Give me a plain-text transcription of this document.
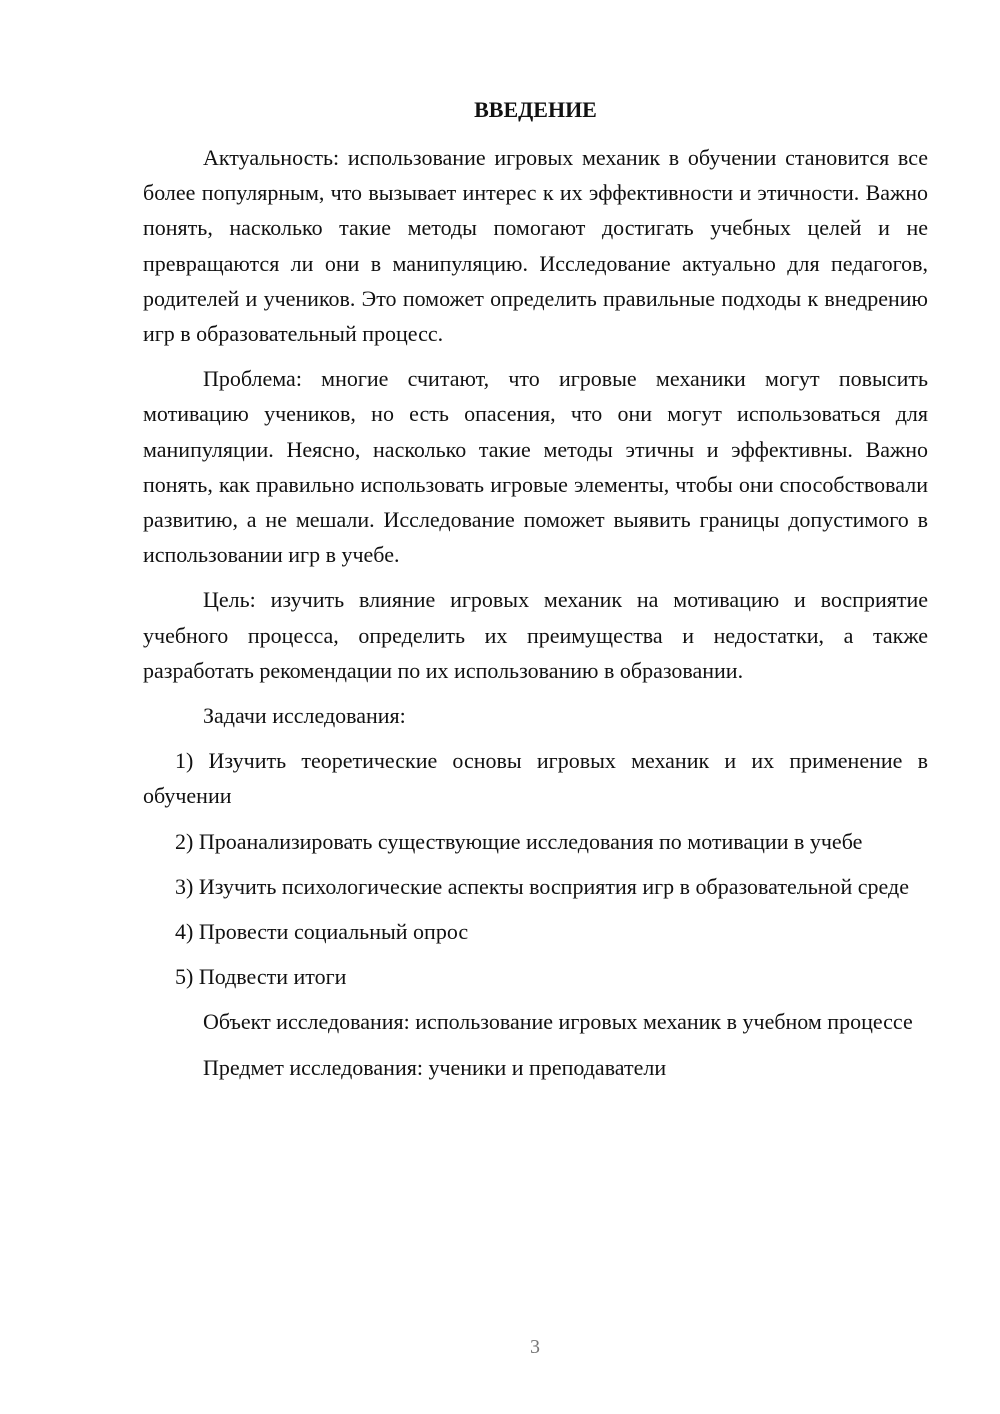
ВВЕДЕНИЕ

Актуальность: использование игровых механик в обучении становится все более популярным, что вызывает интерес к их эффективности и этичности. Важно понять, насколько такие методы помогают достигать учебных целей и не превращаются ли они в манипуляцию. Исследование актуально для педагогов, родителей и учеников. Это поможет определить правильные подходы к внедрению игр в образовательный процесс.

Проблема: многие считают, что игровые механики могут повысить мотивацию учеников, но есть опасения, что они могут использоваться для манипуляции. Неясно, насколько такие методы этичны и эффективны. Важно понять, как правильно использовать игровые элементы, чтобы они способствовали развитию, а не мешали. Исследование поможет выявить границы допустимого в использовании игр в учебе.

Цель: изучить влияние игровых механик на мотивацию и восприятие учебного процесса, определить их преимущества и недостатки, а также разработать рекомендации по их использованию в образовании.

Задачи исследования:

1) Изучить теоретические основы игровых механик и их применение в обучении

2) Проанализировать существующие исследования по мотивации в учебе

3) Изучить психологические аспекты восприятия игр в образовательной среде

4) Провести социальный опрос

5) Подвести итоги

Объект исследования: использование игровых механик в учебном процессе

Предмет исследования: ученики и преподаватели

3
